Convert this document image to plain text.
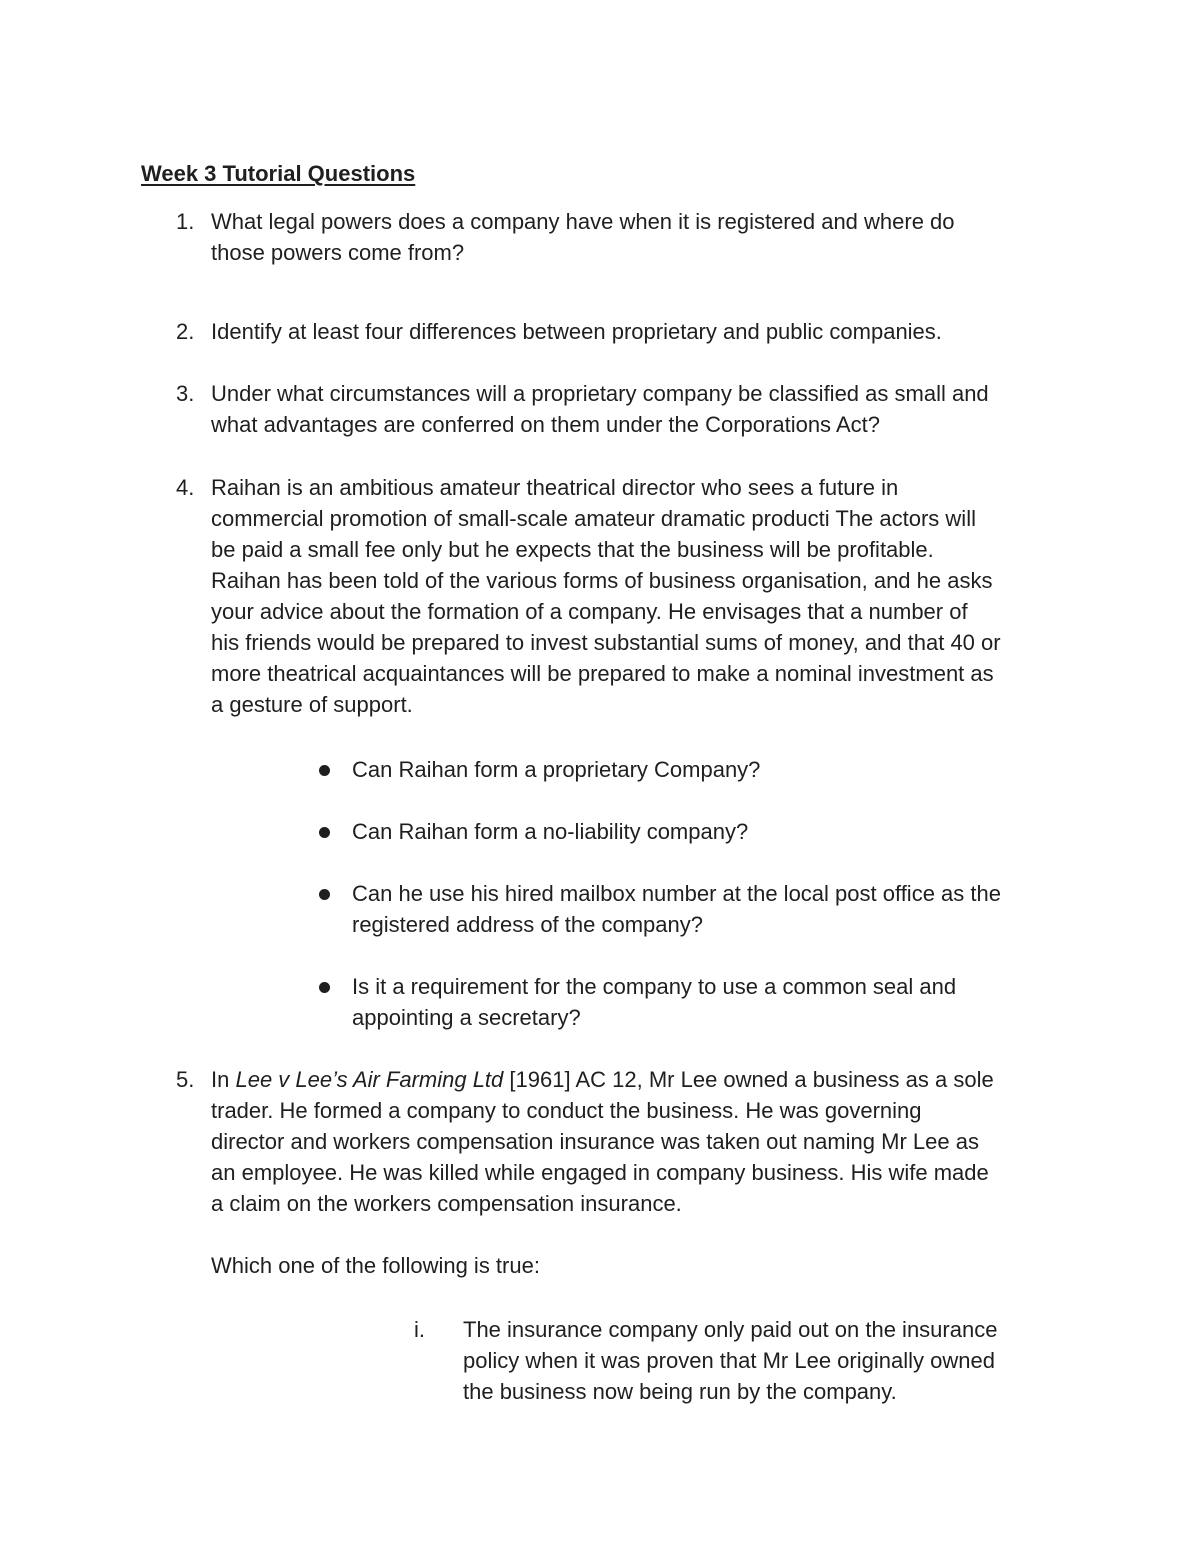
Week 3 Tutorial Questions
1. What legal powers does a company have when it is registered and where do
those powers come from?
2. Identify at least four differences between proprietary and public companies.
3. Under what circumstances will a proprietary company be classified as small and
what advantages are conferred on them under the Corporations Act?
4. Raihan is an ambitious amateur theatrical director who sees a future in
commercial promotion of small-scale amateur dramatic producti The actors will
be paid a small fee only but he expects that the business will be profitable.
Raihan has been told of the various forms of business organisation, and he asks
your advice about the formation of a company. He envisages that a number of
his friends would be prepared to invest substantial sums of money, and that 40 or
more theatrical acquaintances will be prepared to make a nominal investment as
a gesture of support.
Can Raihan form a proprietary Company?
Can Raihan form a no-liability company?
Can he use his hired mailbox number at the local post office as the
registered address of the company?
Is it a requirement for the company to use a common seal and
appointing a secretary?
5. In Lee v Lee’s Air Farming Ltd [1961] AC 12, Mr Lee owned a business as a sole
trader. He formed a company to conduct the business. He was governing
director and workers compensation insurance was taken out naming Mr Lee as
an employee. He was killed while engaged in company business. His wife made
a claim on the workers compensation insurance.
Which one of the following is true:
i. The insurance company only paid out on the insurance
policy when it was proven that Mr Lee originally owned
the business now being run by the company.
